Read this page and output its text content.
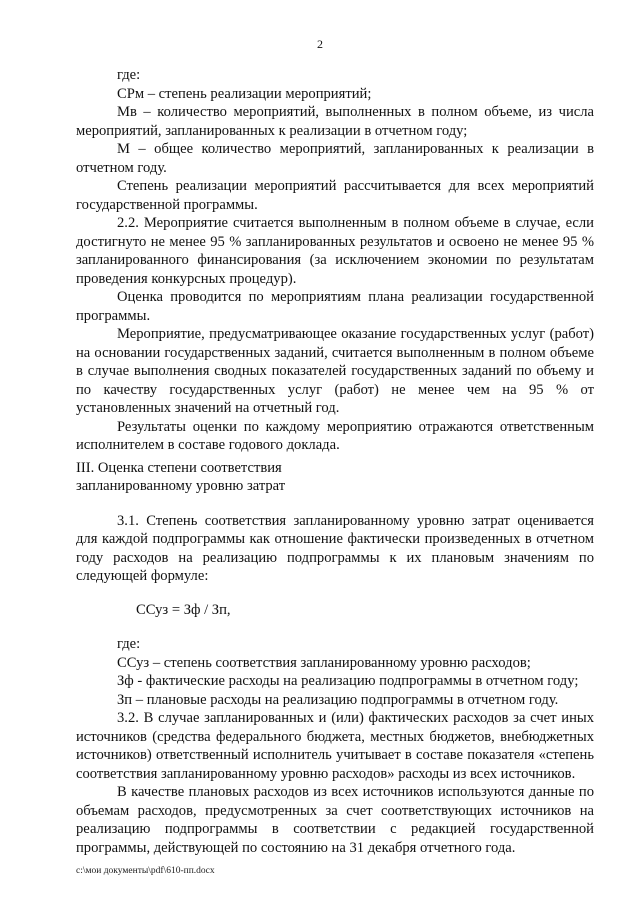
2

где:

СРм – степень реализации мероприятий;

Мв – количество мероприятий, выполненных в полном объеме, из числа мероприятий, запланированных к реализации в отчетном году;

М – общее количество мероприятий, запланированных к реализации в отчетном году.

Степень реализации мероприятий рассчитывается для всех мероприятий государственной программы.

2.2. Мероприятие считается выполненным в полном объеме в случае, если достигнуто не менее 95 % запланированных результатов и освоено не менее 95 % запланированного финансирования (за исключением экономии по результатам проведения конкурсных процедур).

Оценка проводится по мероприятиям плана реализации государственной программы.

Мероприятие, предусматривающее оказание государственных услуг (работ) на основании государственных заданий, считается выполненным в полном объеме в случае выполнения сводных показателей государственных заданий по объему и по качеству государственных услуг (работ) не менее чем на 95 % от установленных значений на отчетный год.

Результаты оценки по каждому мероприятию отражаются ответственным исполнителем в составе годового доклада.

III. Оценка степени соответствия
запланированному уровню затрат

3.1. Степень соответствия запланированному уровню затрат оценивается для каждой подпрограммы как отношение фактически произведенных в отчетном году расходов на реализацию подпрограммы к их плановым значениям по следующей формуле:

ССуз = Зф / Зп,

где:

ССуз – степень соответствия запланированному уровню расходов;

Зф - фактические расходы на реализацию подпрограммы в отчетном году;

Зп – плановые расходы на реализацию подпрограммы в отчетном году.

3.2. В случае запланированных и (или) фактических расходов за счет иных источников (средства федерального бюджета, местных бюджетов, внебюджетных источников) ответственный исполнитель учитывает в составе показателя «степень соответствия запланированному уровню расходов» расходы из всех источников.

В качестве плановых расходов из всех источников используются данные по объемам расходов, предусмотренных за счет соответствующих источников на реализацию подпрограммы в соответствии с редакцией государственной программы, действующей по состоянию на 31 декабря отчетного года.

c:\мои документы\pdf\610-пп.docx
